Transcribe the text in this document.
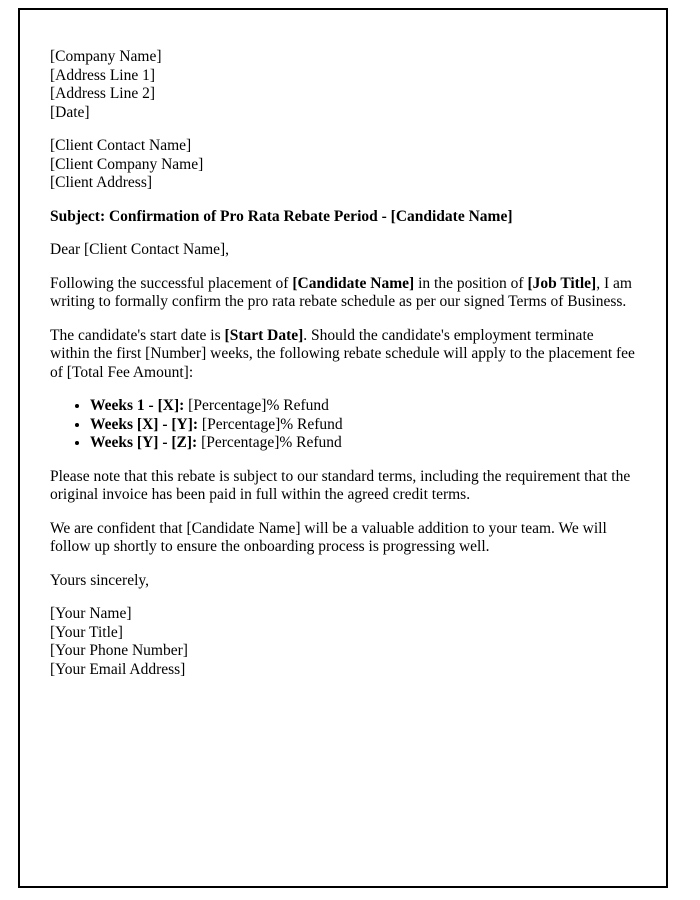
[Company Name]
[Address Line 1]
[Address Line 2]
[Date]
[Client Contact Name]
[Client Company Name]
[Client Address]
Subject: Confirmation of Pro Rata Rebate Period - [Candidate Name]
Dear [Client Contact Name],
Following the successful placement of [Candidate Name] in the position of [Job Title], I am writing to formally confirm the pro rata rebate schedule as per our signed Terms of Business.
The candidate's start date is [Start Date]. Should the candidate's employment terminate within the first [Number] weeks, the following rebate schedule will apply to the placement fee of [Total Fee Amount]:
• Weeks 1 - [X]: [Percentage]% Refund
• Weeks [X] - [Y]: [Percentage]% Refund
• Weeks [Y] - [Z]: [Percentage]% Refund
Please note that this rebate is subject to our standard terms, including the requirement that the original invoice has been paid in full within the agreed credit terms.
We are confident that [Candidate Name] will be a valuable addition to your team. We will follow up shortly to ensure the onboarding process is progressing well.
Yours sincerely,
[Your Name]
[Your Title]
[Your Phone Number]
[Your Email Address]
